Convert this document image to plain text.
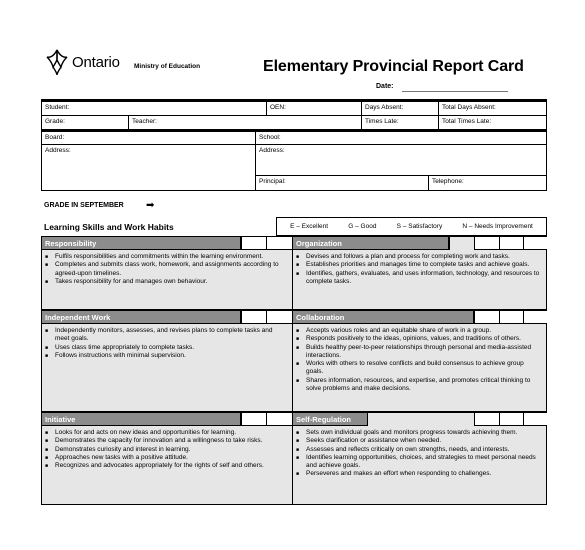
Ontario Ministry of Education	Elementary Provincial Report Card
Date:
Student:	OEN:	Days Absent:	Total Days Absent:
Grade:	Teacher:	Times Late:	Total Times Late:
Board:	School:
Address:	Address:
Principal:	Telephone:
GRADE IN SEPTEMBER ➡
Learning Skills and Work Habits	E – Excellent	G – Good	S – Satisfactory	N – Needs Improvement
Responsibility
■ Fulfils responsibilities and commitments within the learning environment.
■ Completes and submits class work, homework, and assignments according to agreed-upon timelines.
■ Takes responsibility for and manages own behaviour.
Organization
■ Devises and follows a plan and process for completing work and tasks.
■ Establishes priorities and manages time to complete tasks and achieve goals.
■ Identifies, gathers, evaluates, and uses information, technology, and resources to complete tasks.
Independent Work
■ Independently monitors, assesses, and revises plans to complete tasks and meet goals.
■ Uses class time appropriately to complete tasks.
■ Follows instructions with minimal supervision.
Collaboration
■ Accepts various roles and an equitable share of work in a group.
■ Responds positively to the ideas, opinions, values, and traditions of others.
■ Builds healthy peer-to-peer relationships through personal and media-assisted interactions.
■ Works with others to resolve conflicts and build consensus to achieve group goals.
■ Shares information, resources, and expertise, and promotes critical thinking to solve problems and make decisions.
Initiative
■ Looks for and acts on new ideas and opportunities for learning.
■ Demonstrates the capacity for innovation and a willingness to take risks.
■ Demonstrates curiosity and interest in learning.
■ Approaches new tasks with a positive attitude.
■ Recognizes and advocates appropriately for the rights of self and others.
Self-Regulation
■ Sets own individual goals and monitors progress towards achieving them.
■ Seeks clarification or assistance when needed.
■ Assesses and reflects critically on own strengths, needs, and interests.
■ Identifies learning opportunities, choices, and strategies to meet personal needs and achieve goals.
■ Perseveres and makes an effort when responding to challenges.
